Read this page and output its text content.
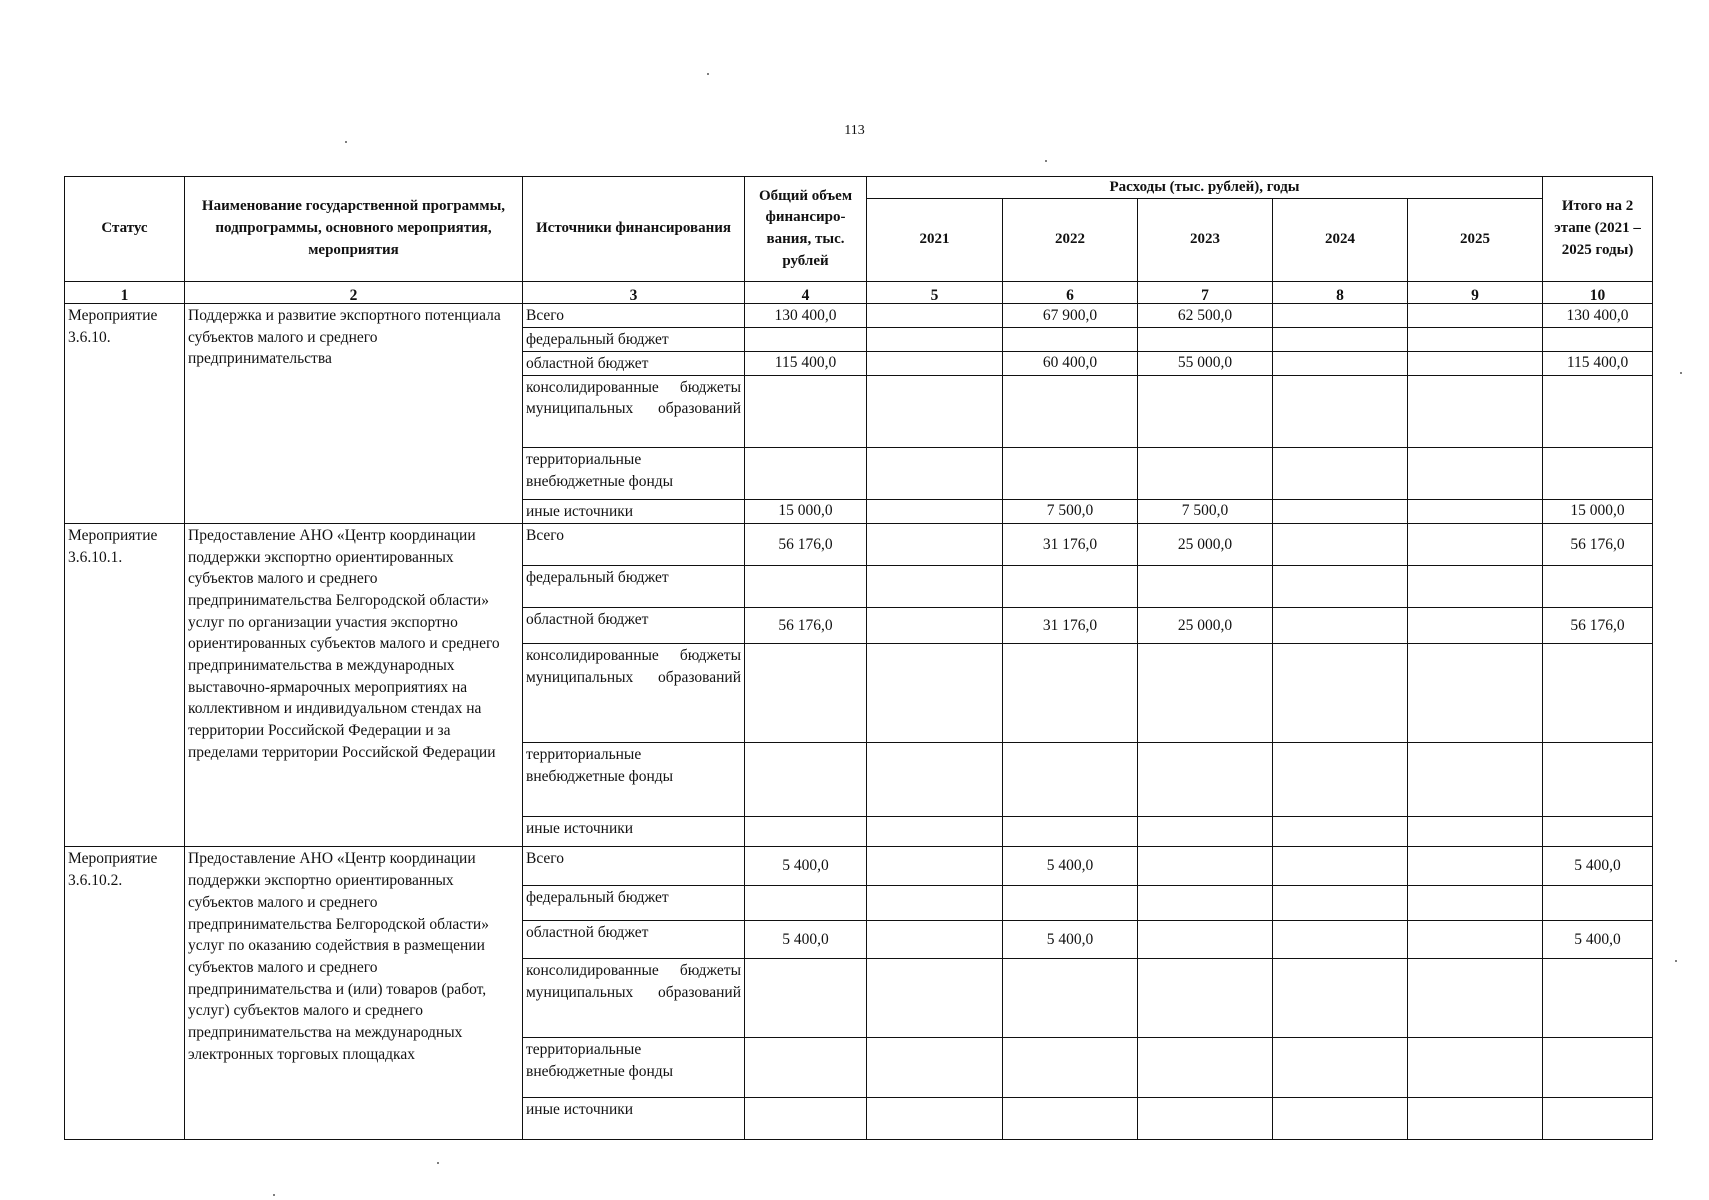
113
Статус	Наименование государственной программы, подпрограммы, основного мероприятия, мероприятия	Источники финансирования	Общий объем финансиро-вания, тыс. рублей	Расходы (тыс. рублей), годы					Итого на 2 этапе (2021 – 2025 годы)
				2021	2022	2023	2024	2025	
1	2	3	4	5	6	7	8	9	10
Мероприятие 3.6.10.	Поддержка и развитие экспортного потенциала субъектов малого и среднего предпринимательства	Всего	130 400,0		67 900,0	62 500,0			130 400,0
		федеральный бюджет							
		областной бюджет	115 400,0		60 400,0	55 000,0			115 400,0

		консолидированные бюджеты муниципальных образований							

		территориальные внебюджетные фонды							
		иные источники	15 000,0		7 500,0	7 500,0			15 000,0
Мероприятие 3.6.10.1.	Предоставление АНО «Центр координации поддержки экспортно ориентированных субъектов малого и среднего предпринимательства Белгородской области» услуг по организации участия экспортно ориентированных субъектов малого и среднего предпринимательства в международных выставочно-ярмарочных мероприятиях на коллективном и индивидуальном стендах на территории Российской Федерации и за пределами территории Российской Федерации	Всего	56 176,0		31 176,0	25 000,0			56 176,0
		федеральный бюджет							
		областной бюджет	56 176,0		31 176,0	25 000,0			56 176,0

		консолидированные бюджеты муниципальных образований							

		территориальные внебюджетные фонды							
		иные источники							
Мероприятие 3.6.10.2.	Предоставление АНО «Центр координации поддержки экспортно ориентированных субъектов малого и среднего предпринимательства Белгородской области» услуг по оказанию содействия в размещении субъектов малого и среднего предпринимательства и (или) товаров (работ, услуг) субъектов малого и среднего предпринимательства на международных электронных торговых площадках	Всего	5 400,0		5 400,0				5 400,0
		федеральный бюджет							
		областной бюджет	5 400,0		5 400,0				5 400,0

		консолидированные бюджеты муниципальных образований							

		территориальные внебюджетные фонды							
		иные источники							
